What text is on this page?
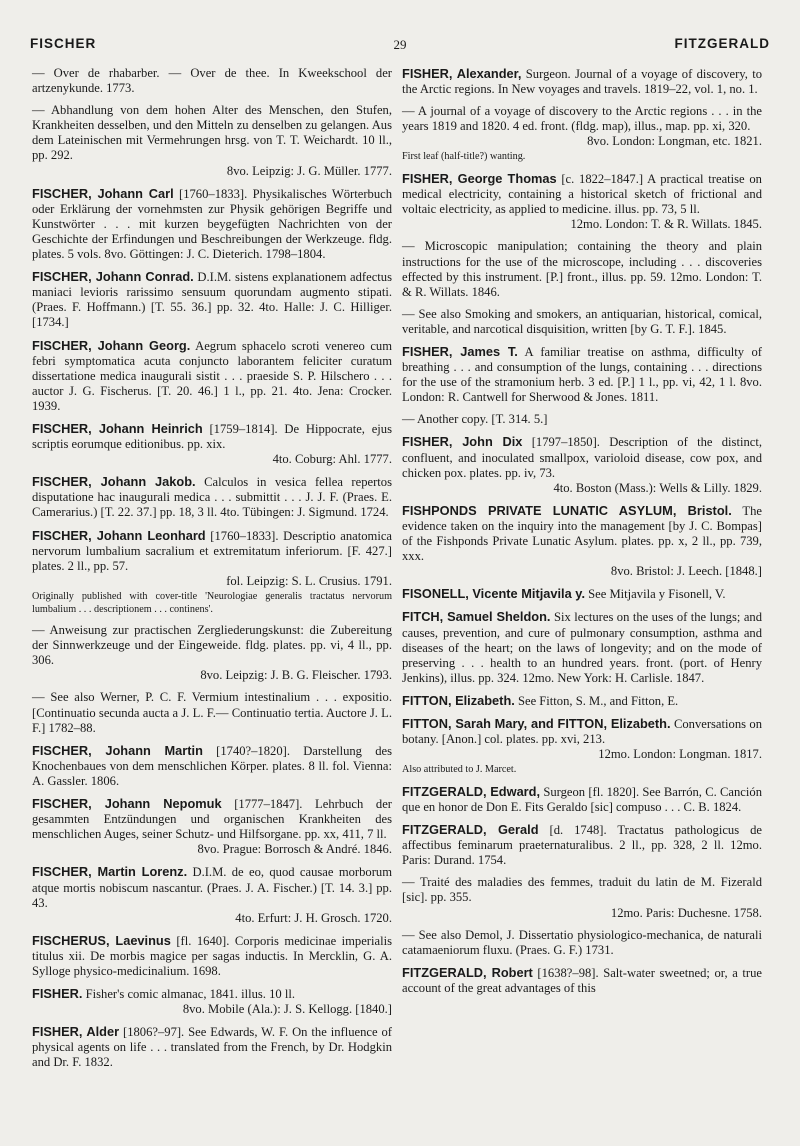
FISCHER	29	FITZGERALD
— Over de rhabarber. — Over de thee. In Kweekschool der artzenykunde. 1773.
— Abhandlung von dem hohen Alter des Menschen, den Stufen, Krankheiten desselben, und den Mitteln zu denselben zu gelangen. Aus dem Lateinischen mit Vermehrungen hrsg. von T. T. Weichardt. 10 ll., pp. 292.
8vo. Leipzig: J. G. Müller. 1777.
FISCHER, Johann Carl [1760–1833]. Physikalisches Wörterbuch oder Erklärung der vornehmsten zur Physik gehörigen Begriffe und Kunstwörter . . . mit kurzen beygefügten Nachrichten von der Geschichte der Erfindungen und Beschreibungen der Werkzeuge. fldg. plates. 5 vols. 8vo. Göttingen: J. C. Dieterich. 1798–1804.
FISCHER, Johann Conrad. D.I.M. sistens explanationem adfectus maniaci levioris rarissimo sensuum quorundam augmento stipati. (Praes. F. Hoffmann.) [T. 55. 36.] pp. 32. 4to. Halle: J. C. Hilliger. [1734.]
FISCHER, Johann Georg. Aegrum sphacelo scroti venereo cum febri symptomatica acuta conjuncto laborantem feliciter curatum dissertatione medica inaugurali sistit . . . praeside S. P. Hilschero . . . auctor J. G. Fischerus. [T. 20. 46.] 1 l., pp. 21. 4to. Jena: Crocker. 1939.
FISCHER, Johann Heinrich [1759–1814]. De Hippocrate, ejus scriptis eorumque editionibus. pp. xix.
4to. Coburg: Ahl. 1777.
FISCHER, Johann Jakob. Calculos in vesica fellea repertos disputatione hac inaugurali medica . . . submittit . . . J. J. F. (Praes. E. Camerarius.) [T. 22. 37.] pp. 18, 3 ll. 4to. Tübingen: J. Sigmund. 1724.
FISCHER, Johann Leonhard [1760–1833]. Descriptio anatomica nervorum lumbalium sacralium et extremitatum inferiorum. [F. 427.] plates. 2 ll., pp. 57.
fol. Leipzig: S. L. Crusius. 1791.
Originally published with cover-title 'Neurologiae generalis tractatus nervorum lumbalium . . . descriptionem . . . continens'.
— Anweisung zur practischen Zergliederungskunst: die Zubereitung der Sinnwerkzeuge und der Eingeweide. fldg. plates. pp. vi, 4 ll., pp. 306.
8vo. Leipzig: J. B. G. Fleischer. 1793.
— See also Werner, P. C. F. Vermium intestinalium . . . expositio. [Continuatio secunda aucta a J. L. F.— Continuatio tertia. Auctore J. L. F.] 1782–88.
FISCHER, Johann Martin [1740?–1820]. Darstellung des Knochenbaues von dem menschlichen Körper. plates. 8 ll. fol. Vienna: A. Gassler. 1806.
FISCHER, Johann Nepomuk [1777–1847]. Lehrbuch der gesammten Entzündungen und organischen Krankheiten des menschlichen Auges, seiner Schutz- und Hilfsorgane. pp. xx, 411, 7 ll.
8vo. Prague: Borrosch & André. 1846.
FISCHER, Martin Lorenz. D.I.M. de eo, quod causae morborum atque mortis nobiscum nascantur. (Praes. J. A. Fischer.) [T. 14. 3.] pp. 43.
4to. Erfurt: J. H. Grosch. 1720.
FISCHERUS, Laevinus [fl. 1640]. Corporis medicinae imperialis titulus xii. De morbis magice per sagas inductis. In Mercklin, G. A. Sylloge physico-medicinalium. 1698.
FISHER. Fisher's comic almanac, 1841. illus. 10 ll.
8vo. Mobile (Ala.): J. S. Kellogg. [1840.]
FISHER, Alder [1806?–97]. See Edwards, W. F. On the influence of physical agents on life . . . translated from the French, by Dr. Hodgkin and Dr. F. 1832.
FISHER, Alexander, Surgeon. Journal of a voyage of discovery, to the Arctic regions. In New voyages and travels. 1819–22, vol. 1, no. 1.
— A journal of a voyage of discovery to the Arctic regions . . . in the years 1819 and 1820. 4 ed. front. (fldg. map), illus., map. pp. xi, 320.
8vo. London: Longman, etc. 1821.
First leaf (half-title?) wanting.
FISHER, George Thomas [c. 1822–1847.] A practical treatise on medical electricity, containing a historical sketch of frictional and voltaic electricity, as applied to medicine. illus. pp. 73, 5 ll.
12mo. London: T. & R. Willats. 1845.
— Microscopic manipulation; containing the theory and plain instructions for the use of the microscope, including . . . discoveries effected by this instrument. [P.] front., illus. pp. 59. 12mo. London: T. & R. Willats. 1846.
— See also Smoking and smokers, an antiquarian, historical, comical, veritable, and narcotical disquisition, written [by G. T. F.]. 1845.
FISHER, James T. A familiar treatise on asthma, difficulty of breathing . . . and consumption of the lungs, containing . . . directions for the use of the stramonium herb. 3 ed. [P.] 1 l., pp. vi, 42, 1 l. 8vo. London: R. Cantwell for Sherwood & Jones. 1811.
— Another copy. [T. 314. 5.]
FISHER, John Dix [1797–1850]. Description of the distinct, confluent, and inoculated smallpox, varioloid disease, cow pox, and chicken pox. plates. pp. iv, 73.
4to. Boston (Mass.): Wells & Lilly. 1829.
FISHPONDS PRIVATE LUNATIC ASYLUM, Bristol. The evidence taken on the inquiry into the management [by J. C. Bompas] of the Fishponds Private Lunatic Asylum. plates. pp. x, 2 ll., pp. 739, xxx.
8vo. Bristol: J. Leech. [1848.]
FISONELL, Vicente Mitjavila y. See Mitjavila y Fisonell, V.
FITCH, Samuel Sheldon. Six lectures on the uses of the lungs; and causes, prevention, and cure of pulmonary consumption, asthma and diseases of the heart; on the laws of longevity; and on the mode of preserving . . . health to an hundred years. front. (port. of Henry Jenkins), illus. pp. 324. 12mo. New York: H. Carlisle. 1847.
FITTON, Elizabeth. See Fitton, S. M., and Fitton, E.
FITTON, Sarah Mary, and FITTON, Elizabeth. Conversations on botany. [Anon.] col. plates. pp. xvi, 213.
12mo. London: Longman. 1817.
Also attributed to J. Marcet.
FITZGERALD, Edward, Surgeon [fl. 1820]. See Barrón, C. Canción que en honor de Don E. Fits Geraldo [sic] compuso . . . C. B. 1824.
FITZGERALD, Gerald [d. 1748]. Tractatus pathologicus de affectibus feminarum praeternaturalibus. 2 ll., pp. 328, 2 ll. 12mo. Paris: Durand. 1754.
— Traité des maladies des femmes, traduit du latin de M. Fizerald [sic]. pp. 355.
12mo. Paris: Duchesne. 1758.
— See also Demol, J. Dissertatio physiologico-mechanica, de naturali catamaeniorum fluxu. (Praes. G. F.) 1731.
FITZGERALD, Robert [1638?–98]. Salt-water sweetned; or, a true account of the great advantages of this
